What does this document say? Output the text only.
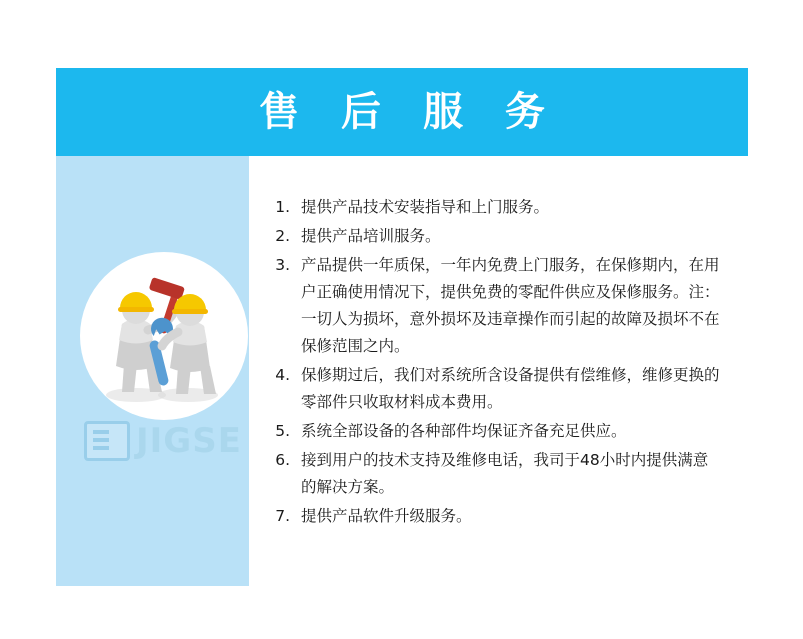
售 后 服 务
JIGSE
1. 提供产品技术安装指导和上门服务。
2. 提供产品培训服务。
3. 产品提供一年质保，一年内免费上门服务，在保修期内，在用户正确使用情况下，提供免费的零配件供应及保修服务。注：一切人为损坏，意外损坏及违章操作而引起的故障及损坏不在保修范围之内。
4. 保修期过后，我们对系统所含设备提供有偿维修，维修更换的零部件只收取材料成本费用。
5. 系统全部设备的各种部件均保证齐备充足供应。
6. 接到用户的技术支持及维修电话，我司于48小时内提供满意的解决方案。
7. 提供产品软件升级服务。
